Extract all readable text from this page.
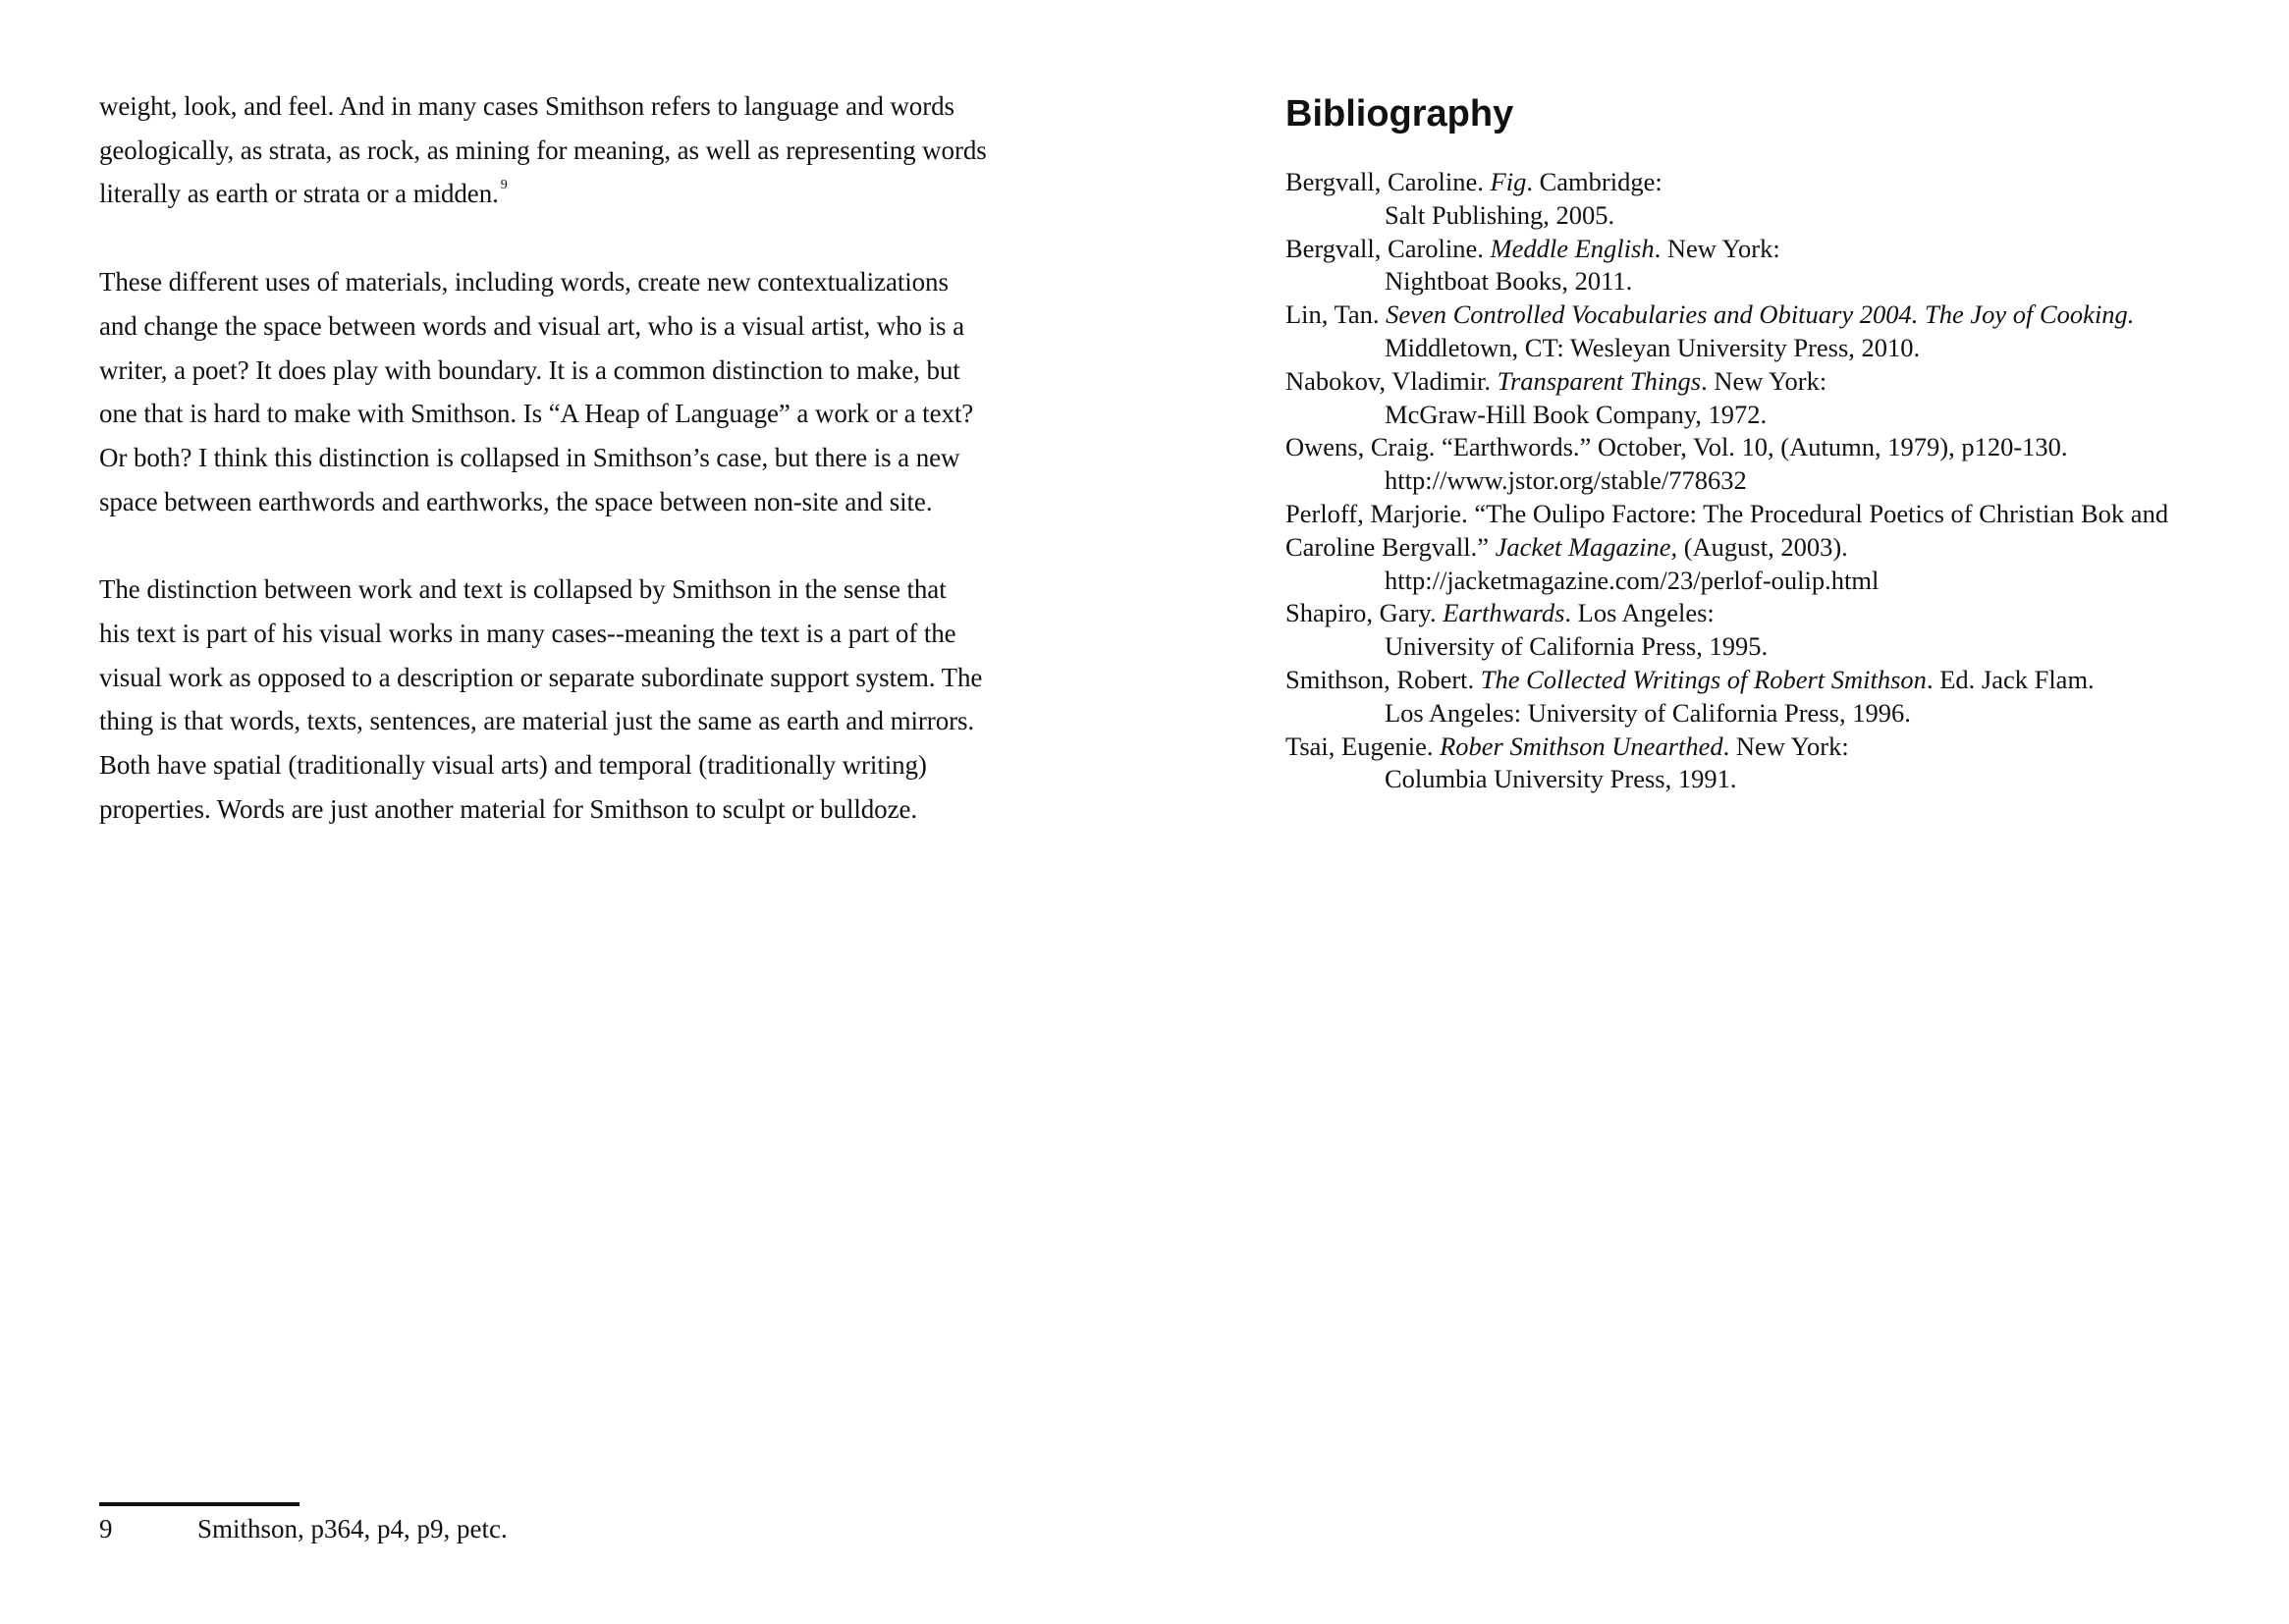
weight, look, and feel. And in many cases Smithson refers to language and words
geologically, as strata, as rock, as mining for meaning, as well as representing words
literally as earth or strata or a midden. $^9$

These different uses of materials, including words, create new contextualizations
and change the space between words and visual art, who is a visual artist, who is a
writer, a poet? It does play with boundary. It is a common distinction to make, but
one that is hard to make with Smithson. Is “A Heap of Language” a work or a text?
Or both? I think this distinction is collapsed in Smithson’s case, but there is a new
space between earthwords and earthworks, the space between non-site and site.

The distinction between work and text is collapsed by Smithson in the sense that
his text is part of his visual works in many cases--meaning the text is a part of the
visual work as opposed to a description or separate subordinate support system. The
thing is that words, texts, sentences, are material just the same as earth and mirrors.
Both have spatial (traditionally visual arts) and temporal (traditionally writing)
properties. Words are just another material for Smithson to sculpt or bulldoze.

9	Smithson, p364, p4, p9, petc.
Bibliography
Bergvall, Caroline. Fig. Cambridge:
Salt Publishing, 2005.
Bergvall, Caroline. Meddle English. New York:
Nightboat Books, 2011.
Lin, Tan. Seven Controlled Vocabularies and Obituary 2004. The Joy of Cooking.
Middletown, CT: Wesleyan University Press, 2010.
Nabokov, Vladimir. Transparent Things. New York:
McGraw-Hill Book Company, 1972.
Owens, Craig. “Earthwords.” October, Vol. 10, (Autumn, 1979), p120-130.
http://www.jstor.org/stable/778632
Perloff, Marjorie. “The Oulipo Factore: The Procedural Poetics of Christian Bok and
Caroline Bergvall.” Jacket Magazine, (August, 2003).
http://jacketmagazine.com/23/perlof-oulip.html
Shapiro, Gary. Earthwards. Los Angeles:
University of California Press, 1995.
Smithson, Robert. The Collected Writings of Robert Smithson. Ed. Jack Flam.
Los Angeles: University of California Press, 1996.
Tsai, Eugenie. Rober Smithson Unearthed. New York:
Columbia University Press, 1991.
